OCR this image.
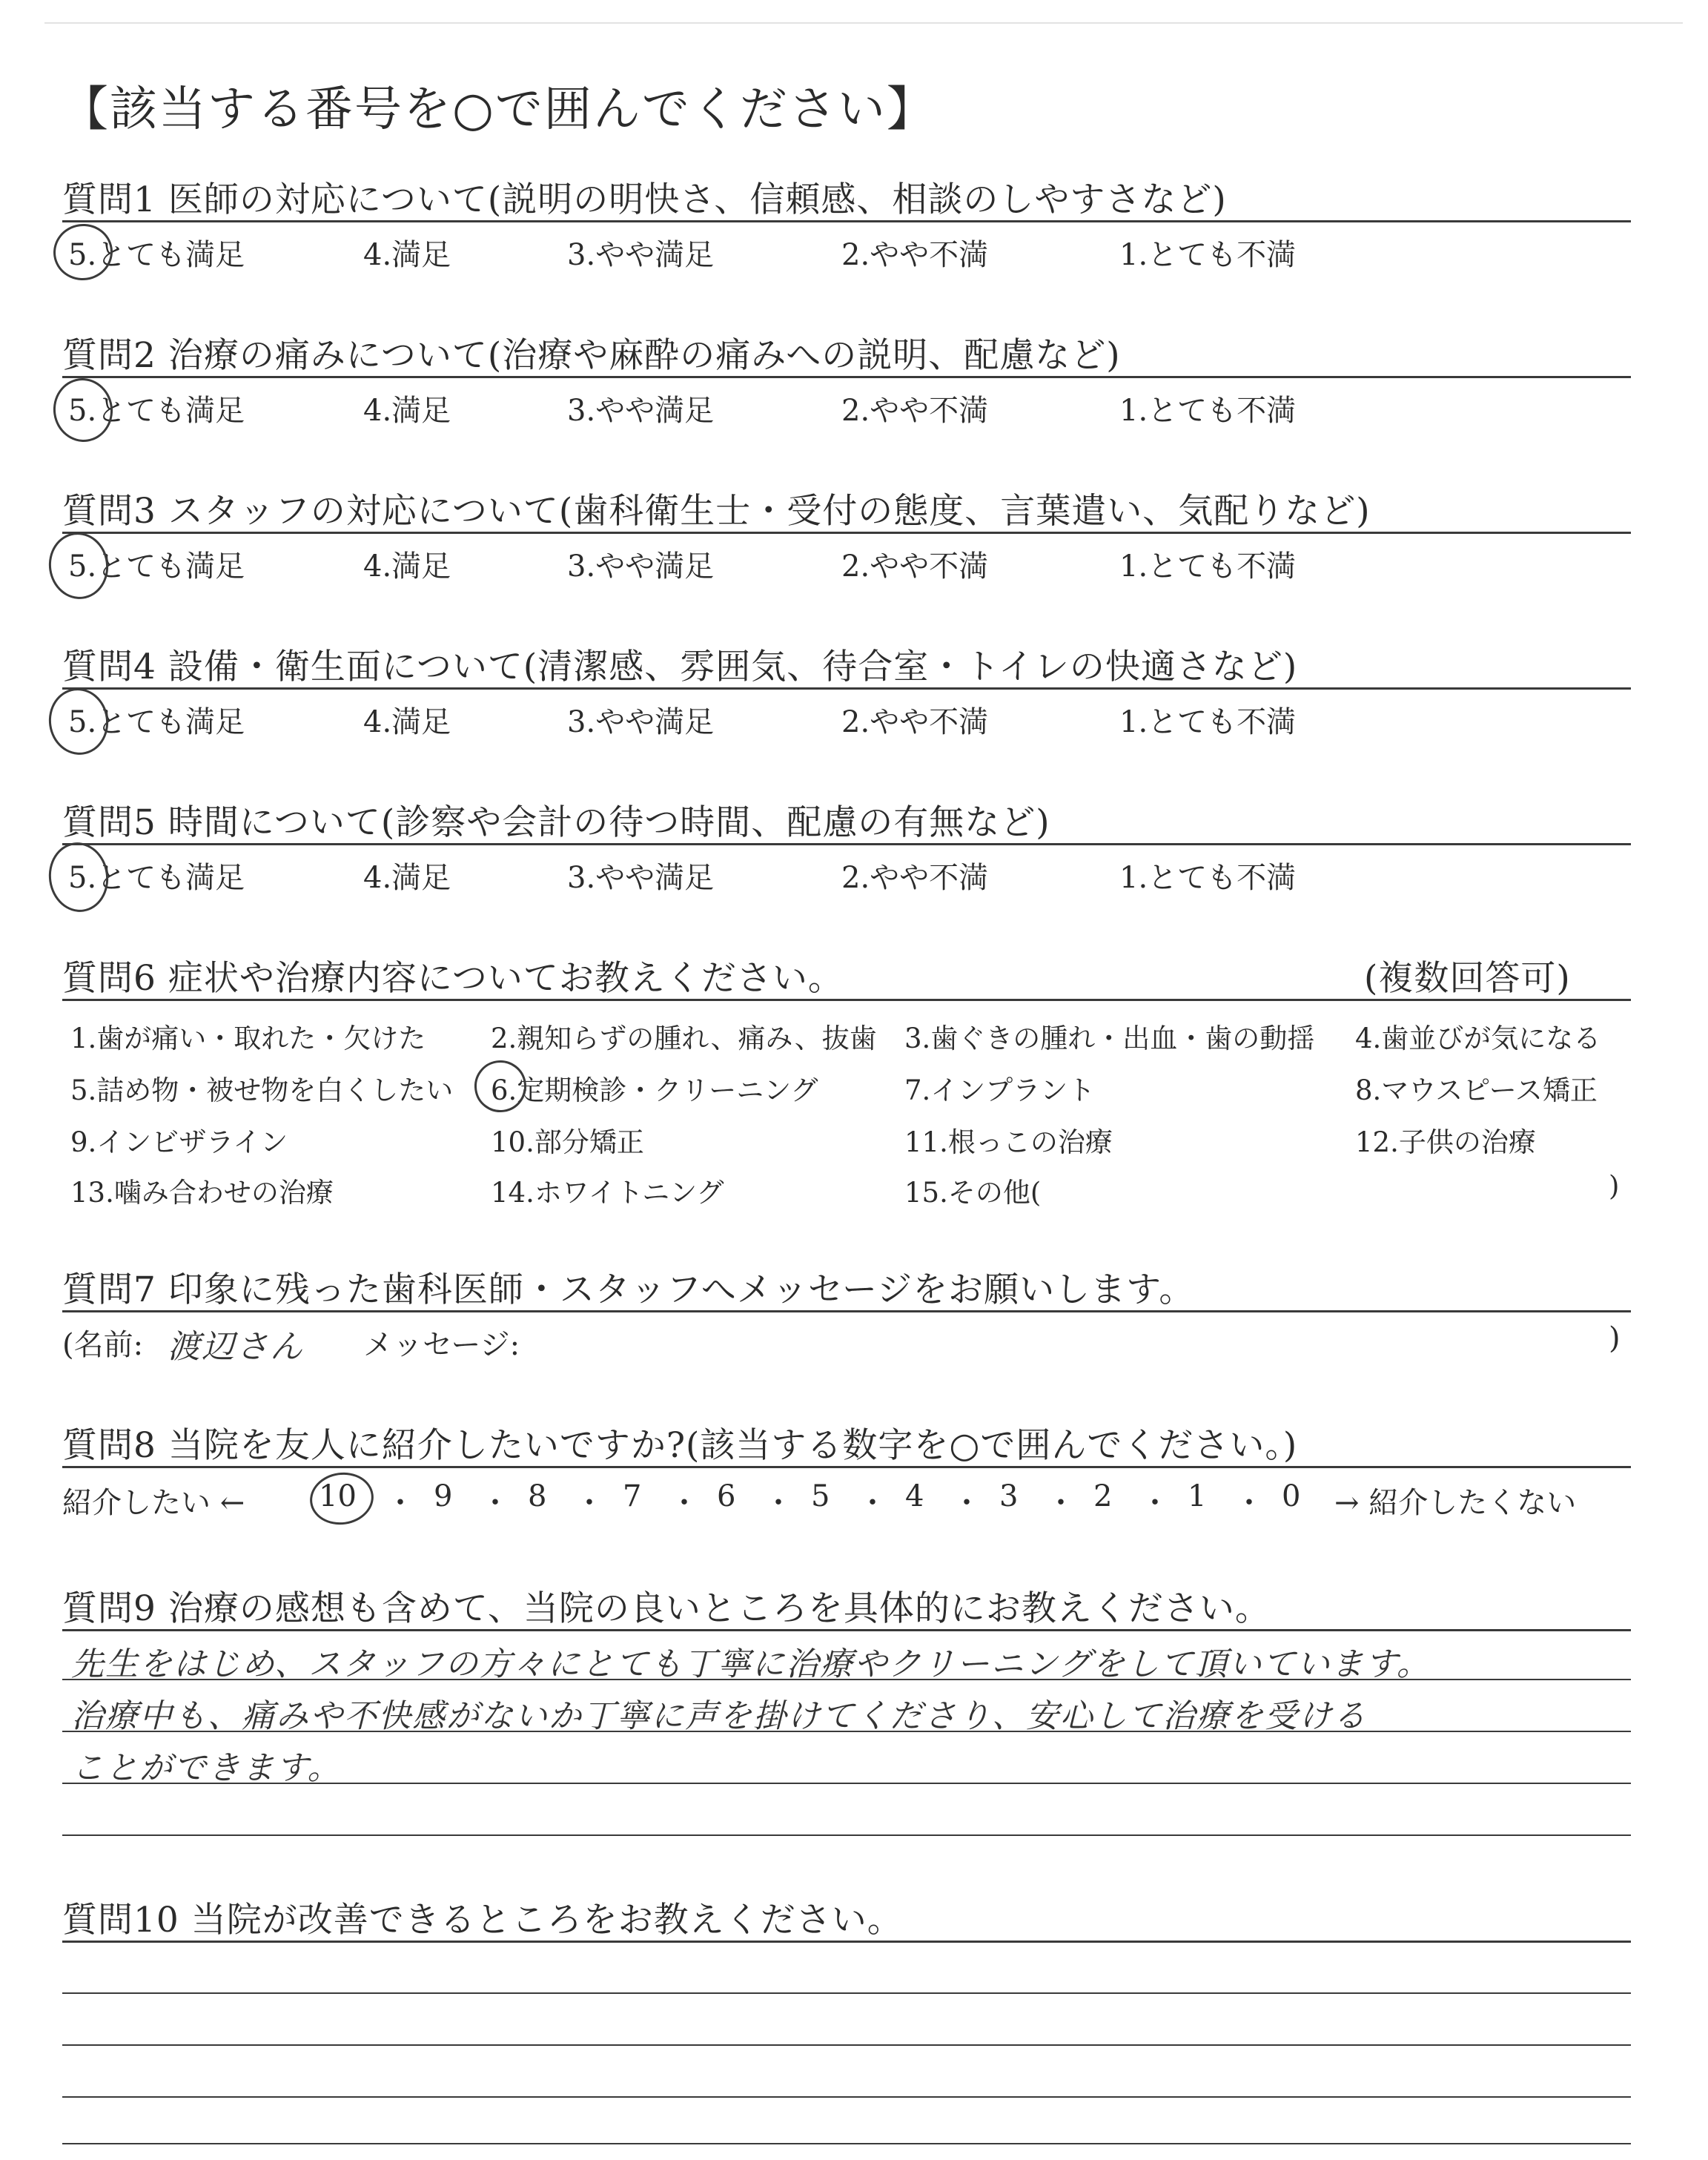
【該当する番号を○で囲んでください】
質問1 医師の対応について(説明の明快さ、信頼感、相談のしやすさなど)
5.とても満足	4.満足	3.やや満足	2.やや不満	1.とても不満
質問2 治療の痛みについて(治療や麻酔の痛みへの説明、配慮など)
5.とても満足	4.満足	3.やや満足	2.やや不満	1.とても不満
質問3 スタッフの対応について(歯科衛生士・受付の態度、言葉遣い、気配りなど)
5.とても満足	4.満足	3.やや満足	2.やや不満	1.とても不満
質問4 設備・衛生面について(清潔感、雰囲気、待合室・トイレの快適さなど)
5.とても満足	4.満足	3.やや満足	2.やや不満	1.とても不満
質問5 時間について(診察や会計の待つ時間、配慮の有無など)
5.とても満足	4.満足	3.やや満足	2.やや不満	1.とても不満
質問6 症状や治療内容についてお教えください。	(複数回答可)
1.歯が痛い・取れた・欠けた 2.親知らずの腫れ、痛み、抜歯 3.歯ぐきの腫れ・出血・歯の動揺 4.歯並びが気になる
5.詰め物・被せ物を白くしたい 6.定期検診・クリーニング	7.インプラント	8.マウスピース矯正
9.インビザライン	10.部分矯正	11.根っこの治療	12.子供の治療
13.噛み合わせの治療	14.ホワイトニング	15.その他(	)
質問7 印象に残った歯科医師・スタッフへメッセージをお願いします。
(名前: 渡辺さん メッセージ:	)
質問8 当院を友人に紹介したいですか?(該当する数字を○で囲んでください。)
紹介したい ← 10 ・ 9 ・ 8 ・ 7 ・ 6 ・ 5 ・ 4 ・ 3 ・ 2 ・ 1 ・ 0 → 紹介したくない
質問9 治療の感想も含めて、当院の良いところを具体的にお教えください。
先生をはじめ、スタッフの方々にとても丁寧に治療やクリーニングをして頂いています。
治療中も、痛みや不快感がないか丁寧に声を掛けてくださり、安心して治療を受ける
ことができます。
質問10 当院が改善できるところをお教えください。
